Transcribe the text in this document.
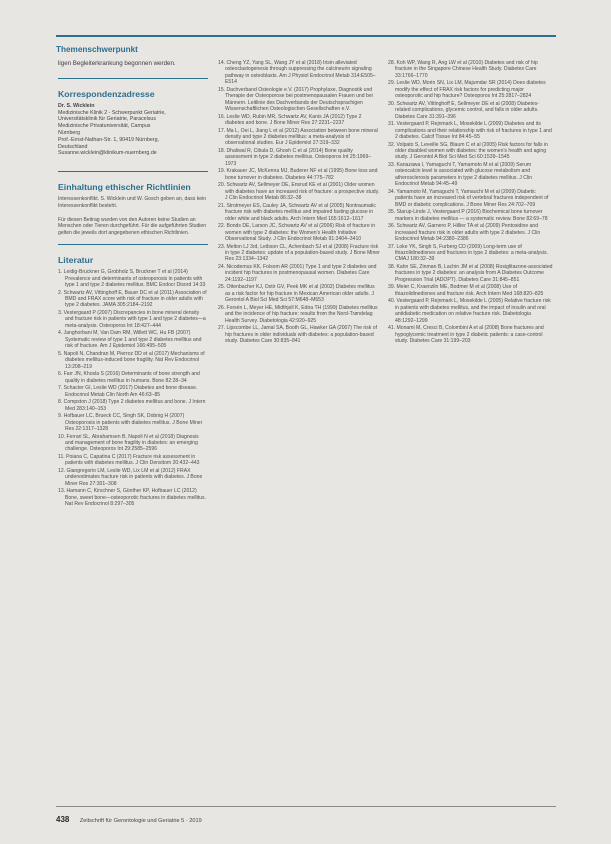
Themenschwerpunkt

ligen Begleiterkrankung begonnen werden.

Korrespondenzadresse
Dr. S. Wicklein
Medizinische Klinik 2 - Schwerpunkt Geriatrie,
Universitätsklinik für Geriatrie, Paracelsus
Medizinische Privatuniversität, Campus
Nürnberg
Prof.-Ernst-Nathan-Str. 1, 90419 Nürnberg,
Deutschland
Susanne.wicklein@klinikum-nuernberg.de
Einhaltung ethischer Richtlinien
Interessenkonflikt. S. Wicklein und W. Gosch geben an, dass kein Interessenkonflikt besteht.
Für diesen Beitrag wurden von den Autoren keine Studien an Menschen oder Tieren durchgeführt. Für die aufgeführten Studien gelten die jeweils dort angegebenen ethischen Richtlinien.
Literatur
1. Leidig-Bruckner G, Grobholz S, Bruckner T et al (2014) Prevalence and determinants of osteoporosis in patients with type 1 and type 2 diabetes mellitus. BMC Endocr Disord 14:33
2. Schwartz AV, Vittinghoff E, Bauer DC et al (2011) Association of BMD and FRAX score with risk of fracture in older adults with type 2 diabetes. JAMA 305:2184–2192
3. Vestergaard P (2007) Discrepancies in bone mineral density and fracture risk in patients with type 1 and type 2 diabetes—a meta-analysis. Osteoporos Int 18:427–444
4. Janghorbani M, Van Dam RM, Willett WC, Hu FB (2007) Systematic review of type 1 and type 2 diabetes mellitus and risk of fracture. Am J Epidemiol 166:495–505
5. Napoli N, Chandran M, Pierroz DD et al (2017) Mechanisms of diabetes mellitus-induced bone fragility. Nat Rev Endocrinol 13:208–219
6. Farr JN, Khosla S (2016) Determinants of bone strength and quality in diabetes mellitus in humans. Bone 82:28–34
7. Schacter GI, Leslie WD (2017) Diabetes and bone disease. Endocrinol Metab Clin North Am 46:63–85
8. Compston J (2018) Type 2 diabetes mellitus and bone. J Intern Med 283:140–153
9. Hofbauer LC, Brueck CC, Singh SK, Dobnig H (2007) Osteoporosis in patients with diabetes mellitus. J Bone Miner Res 22:1317–1328
10. Ferrari SL, Abrahamsen B, Napoli N et al (2018) Diagnosis and management of bone fragility in diabetes: an emerging challenge. Osteoporos Int 29:2585–2596
11. Poiana C, Capatina C (2017) Fracture risk assessment in patients with diabetes mellitus. J Clin Densitom 20:432–443
12. Giangregorio LM, Leslie WD, Lix LM et al (2012) FRAX underestimates fracture risk in patients with diabetes. J Bone Miner Res 27:301–308
13. Hamann C, Kirschner S, Günther KP, Hofbauer LC (2012) Bone, sweet bone—osteoporotic fractures in diabetes mellitus. Nat Rev Endocrinol 8:297–305
14. Cheng YZ, Yang SL, Wang JY et al (2018) Irisin alleviated osteoclastogenesis through suppressing the calcineurin signaling pathway in osteoblasts. Am J Physiol Endocrinol Metab 314:E505–E514
15. Dachverband Osteologie e.V. (2017) Prophylaxe, Diagnostik und Therapie der Osteoporose bei postmenopausalen Frauen und bei Männern. Leitlinie des Dachverbands der Deutschsprachigen Wissenschaftlichen Osteologischen Gesellschaften e.V.
16. Leslie WD, Rubin MR, Schwartz AV, Kanis JA (2012) Type 2 diabetes and bone. J Bone Miner Res 27:2231–2237
17. Ma L, Oei L, Jiang L et al (2012) Association between bone mineral density and type 2 diabetes mellitus: a meta-analysis of observational studies. Eur J Epidemiol 27:319–332
18. Dhaliwal R, Cibula D, Ghosh C et al (2014) Bone quality assessment in type 2 diabetes mellitus. Osteoporos Int 25:1969–1973
19. Krakauer JC, McKenna MJ, Buderer NF et al (1995) Bone loss and bone turnover in diabetes. Diabetes 44:775–782
20. Schwartz AV, Sellmeyer DE, Ensrud KE et al (2001) Older women with diabetes have an increased risk of fracture: a prospective study. J Clin Endocrinol Metab 86:32–38
21. Strotmeyer ES, Cauley JA, Schwartz AV et al (2005) Nontraumatic fracture risk with diabetes mellitus and impaired fasting glucose in older white and black adults. Arch Intern Med 165:1612–1617
22. Bonds DE, Larson JC, Schwartz AV et al (2006) Risk of fracture in women with type 2 diabetes: the Women's Health Initiative Observational Study. J Clin Endocrinol Metab 91:3404–3410
23. Melton LJ 3rd, Leibson CL, Achenbach SJ et al (2008) Fracture risk in type 2 diabetes: update of a population-based study. J Bone Miner Res 23:1334–1342
24. Nicodemus KK, Folsom AR (2001) Type 1 and type 2 diabetes and incident hip fractures in postmenopausal women. Diabetes Care 24:1192–1197
25. Ottenbacher KJ, Ostir GV, Peek MK et al (2002) Diabetes mellitus as a risk factor for hip fracture in Mexican American older adults. J Gerontol A Biol Sci Med Sci 57:M648–M653
26. Forsén L, Meyer HE, Midthjell K, Edna TH (1999) Diabetes mellitus and the incidence of hip fracture: results from the Nord-Trøndelag Health Survey. Diabetologia 42:920–925
27. Lipscombe LL, Jamal SA, Booth GL, Hawker GA (2007) The risk of hip fractures in older individuals with diabetes: a population-based study. Diabetes Care 30:835–841
28. Koh WP, Wang R, Ang LW et al (2010) Diabetes and risk of hip fracture in the Singapore Chinese Health Study. Diabetes Care 33:1766–1770
29. Leslie WD, Morin SN, Lix LM, Majumdar SR (2014) Does diabetes modify the effect of FRAX risk factors for predicting major osteoporotic and hip fracture? Osteoporos Int 25:2817–2824
30. Schwartz AV, Vittinghoff E, Sellmeyer DE et al (2008) Diabetes-related complications, glycemic control, and falls in older adults. Diabetes Care 31:391–396
31. Vestergaard P, Rejnmark L, Mosekilde L (2009) Diabetes and its complications and their relationship with risk of fractures in type 1 and 2 diabetes. Calcif Tissue Int 84:45–55
32. Volpato S, Leveille SG, Blaum C et al (2005) Risk factors for falls in older disabled women with diabetes: the women's health and aging study. J Gerontol A Biol Sci Med Sci 60:1539–1545
33. Kanazawa I, Yamaguchi T, Yamamoto M et al (2009) Serum osteocalcin level is associated with glucose metabolism and atherosclerosis parameters in type 2 diabetes mellitus. J Clin Endocrinol Metab 94:45–49
34. Yamamoto M, Yamaguchi T, Yamauchi M et al (2009) Diabetic patients have an increased risk of vertebral fractures independent of BMD or diabetic complications. J Bone Miner Res 24:702–709
35. Starup-Linde J, Vestergaard P (2016) Biochemical bone turnover markers in diabetes mellitus — a systematic review. Bone 82:69–78
36. Schwartz AV, Garnero P, Hillier TA et al (2009) Pentosidine and increased fracture risk in older adults with type 2 diabetes. J Clin Endocrinol Metab 94:2380–2386
37. Loke YK, Singh S, Furberg CD (2009) Long-term use of thiazolidinediones and fractures in type 2 diabetes: a meta-analysis. CMAJ 180:32–39
38. Kahn SE, Zinman B, Lachin JM et al (2008) Rosiglitazone-associated fractures in type 2 diabetes: an analysis from A Diabetes Outcome Progression Trial (ADOPT). Diabetes Care 31:845–851
39. Meier C, Kraenzlin ME, Bodmer M et al (2008) Use of thiazolidinediones and fracture risk. Arch Intern Med 168:820–825
40. Vestergaard P, Rejnmark L, Mosekilde L (2005) Relative fracture risk in patients with diabetes mellitus, and the impact of insulin and oral antidiabetic medication on relative fracture risk. Diabetologia 48:1292–1299
41. Monami M, Cresci B, Colombini A et al (2008) Bone fractures and hypoglycemic treatment in type 2 diabetic patients: a case-control study. Diabetes Care 31:199–203
438 Zeitschrift für Gerontologie und Geriatrie 5 · 2019
